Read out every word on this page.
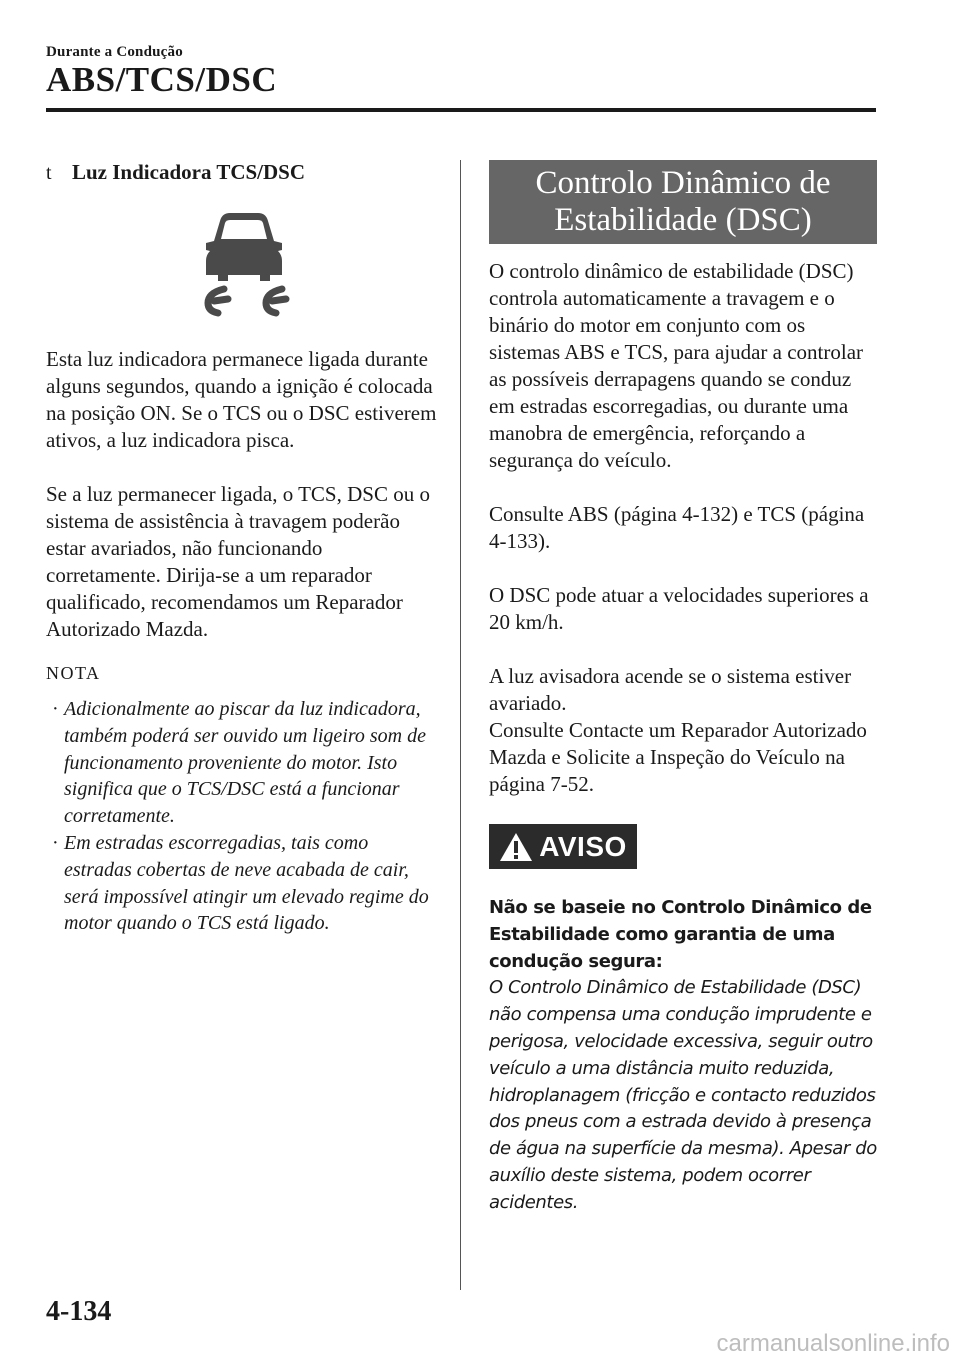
Durante a Condução
ABS/TCS/DSC
t Luz Indicadora TCS/DSC

Esta luz indicadora permanece ligada durante alguns segundos, quando a ignição é colocada na posição ON. Se o TCS ou o DSC estiverem ativos, a luz indicadora pisca.

Se a luz permanecer ligada, o TCS, DSC ou o sistema de assistência à travagem poderão estar avariados, não funcionando corretamente. Dirija-se a um reparador qualificado, recomendamos um Reparador Autorizado Mazda.

NOTA
· Adicionalmente ao piscar da luz indicadora, também poderá ser ouvido um ligeiro som de funcionamento proveniente do motor. Isto significa que o TCS/DSC está a funcionar corretamente.
· Em estradas escorregadias, tais como estradas cobertas de neve acabada de cair, será impossível atingir um elevado regime do motor quando o TCS está ligado.
Controlo Dinâmico de
Estabilidade (DSC)

O controlo dinâmico de estabilidade (DSC) controla automaticamente a travagem e o binário do motor em conjunto com os sistemas ABS e TCS, para ajudar a controlar as possíveis derrapagens quando se conduz em estradas escorregadias, ou durante uma manobra de emergência, reforçando a segurança do veículo.

Consulte ABS (página 4-132) e TCS (página 4-133).

O DSC pode atuar a velocidades superiores a 20 km/h.

A luz avisadora acende se o sistema estiver avariado.

Consulte Contacte um Reparador Autorizado Mazda e Solicite a Inspeção do Veículo na página 7-52.

AVISO
Não se baseie no Controlo Dinâmico de Estabilidade como garantia de uma condução segura:
O Controlo Dinâmico de Estabilidade (DSC) não compensa uma condução imprudente e perigosa, velocidade excessiva, seguir outro veículo a uma distância muito reduzida, hidroplanagem (fricção e contacto reduzidos dos pneus com a estrada devido à presença de água na superfície da mesma). Apesar do auxílio deste sistema, podem ocorrer acidentes.
4-134
carmanualsonline.info
